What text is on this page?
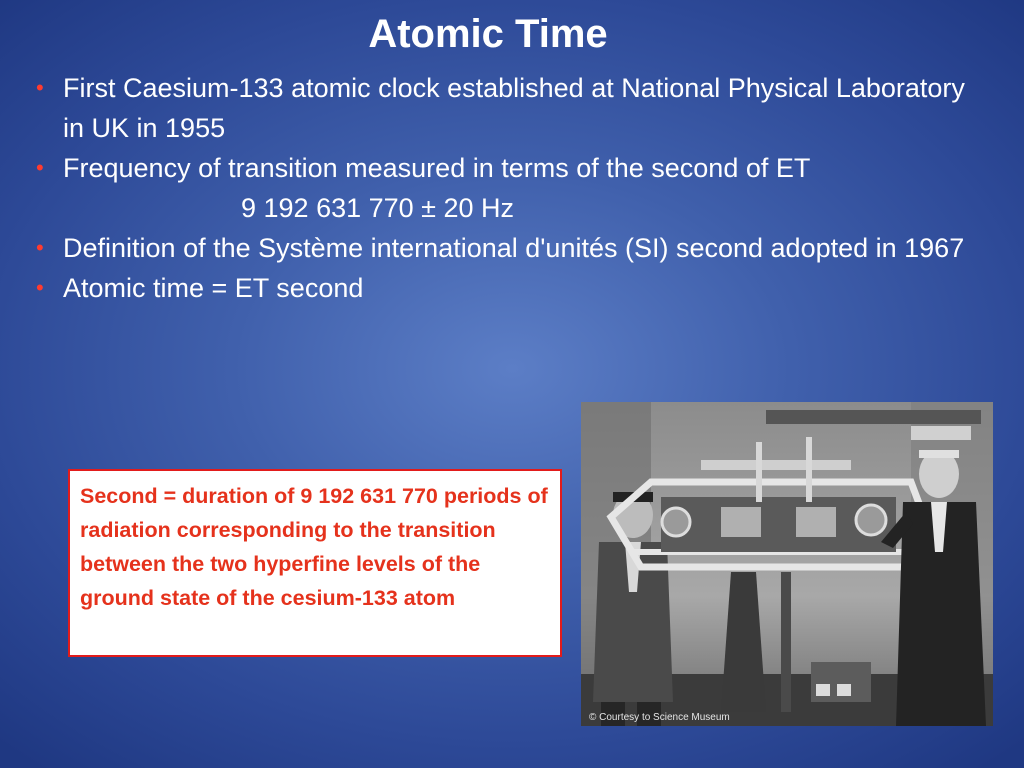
Atomic Time
• First Caesium-133 atomic clock established at National Physical Laboratory in UK in 1955
• Frequency of transition measured in terms of the second of ET
9 192 631 770 ± 20 Hz
• Definition of the Système international d'unités (SI) second adopted in 1967
• Atomic time = ET second

Second = duration of 9 192 631 770 periods of radiation corresponding to the transition between the two hyperfine levels of the ground state of the cesium-133 atom

© Courtesy to Science Museum
